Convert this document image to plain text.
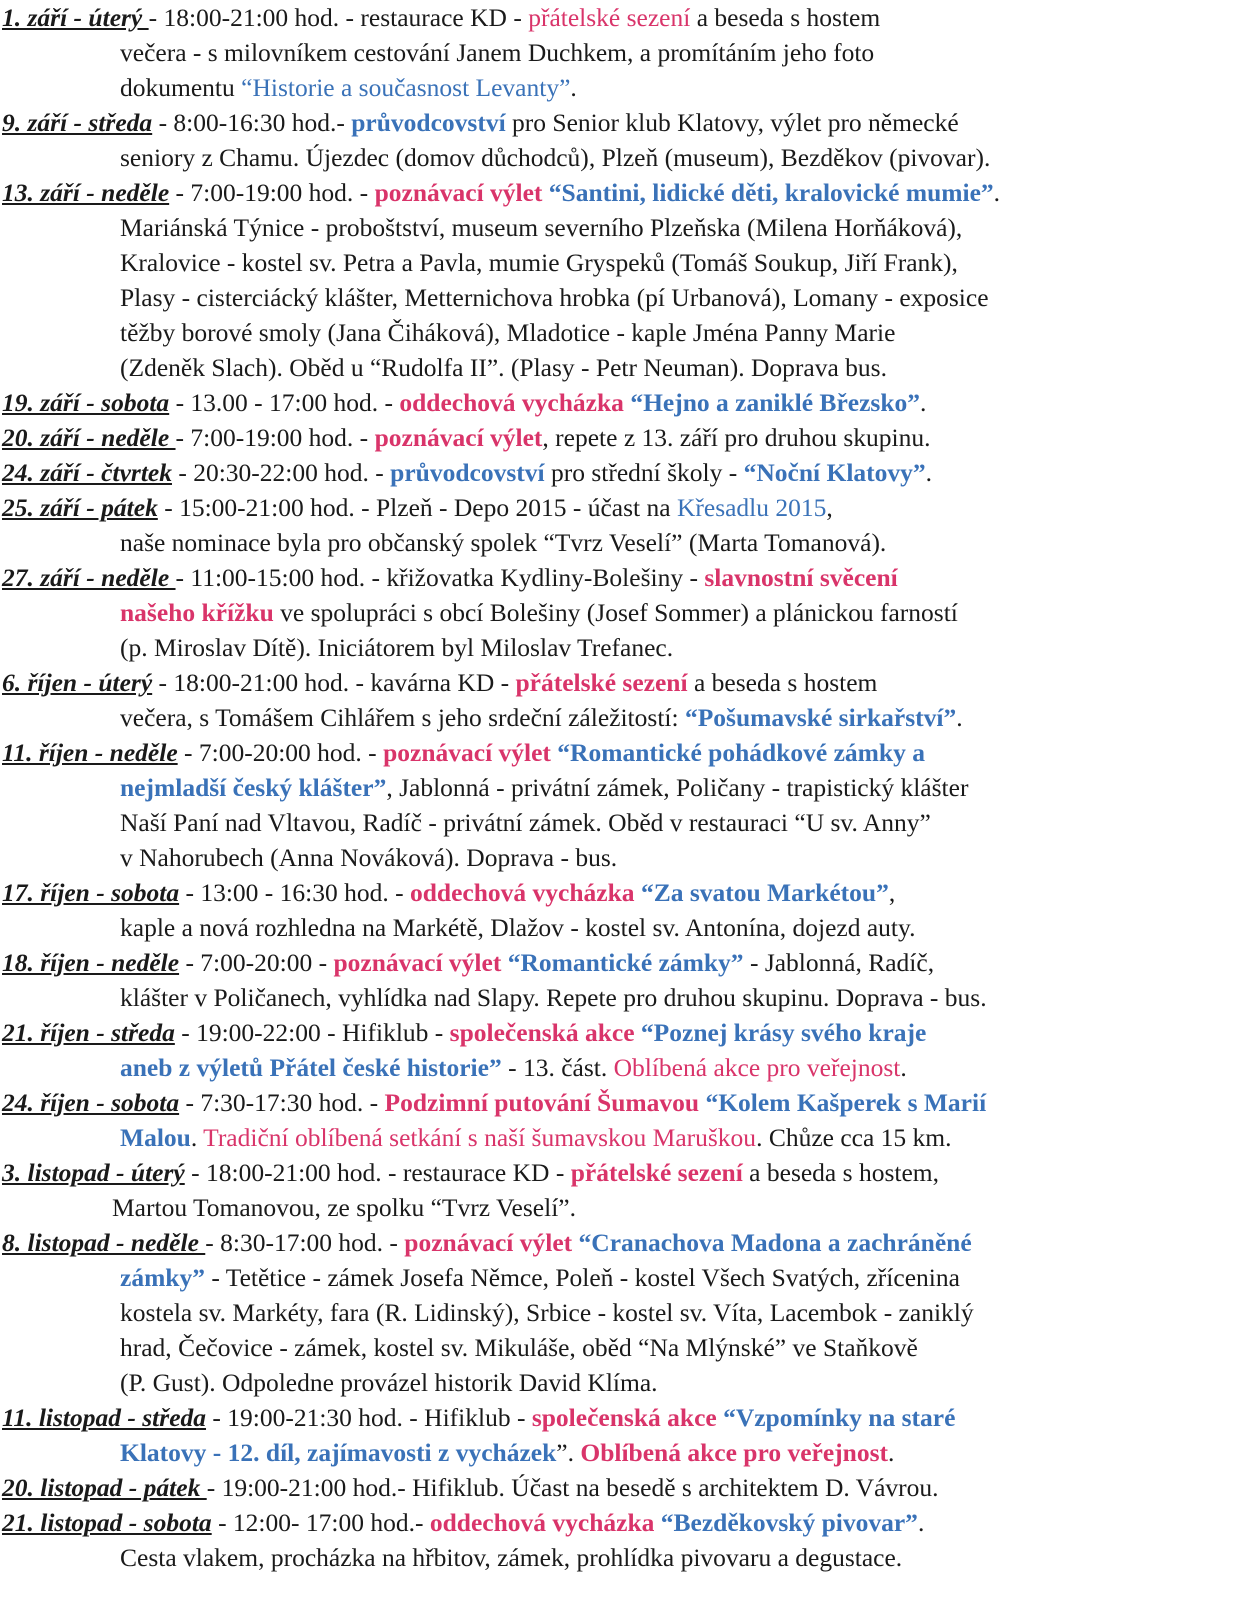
1. září - úterý - 18:00-21:00 hod. - restaurace KD - přátelské sezení a beseda s hostem
večera - s milovníkem cestování Janem Duchkem, a promítáním jeho foto
dokumentu “Historie a současnost Levanty”.
9. září - středa - 8:00-16:30 hod.- průvodcovství pro Senior klub Klatovy, výlet pro německé
seniory z Chamu. Újezdec (domov důchodců), Plzeň (museum), Bezděkov (pivovar).
13. září - neděle - 7:00-19:00 hod. - poznávací výlet “Santini, lidické děti, kralovické mumie”.
Mariánská Týnice - proboštství, museum severního Plzeňska (Milena Horňáková),
Kralovice - kostel sv. Petra a Pavla, mumie Gryspeků (Tomáš Soukup, Jiří Frank),
Plasy - cisterciácký klášter, Metternichova hrobka (pí Urbanová), Lomany - exposice
těžby borové smoly (Jana Čiháková), Mladotice - kaple Jména Panny Marie
(Zdeněk Slach). Oběd u “Rudolfa II”. (Plasy - Petr Neuman). Doprava bus.
19. září - sobota - 13.00 - 17:00 hod. - oddechová vycházka “Hejno a zaniklé Březsko”.
20. září - neděle - 7:00-19:00 hod. - poznávací výlet, repete z 13. září pro druhou skupinu.
24. září - čtvrtek - 20:30-22:00 hod. - průvodcovství pro střední školy - “Noční Klatovy”.
25. září - pátek - 15:00-21:00 hod. - Plzeň - Depo 2015 - účast na Křesadlu 2015,
naše nominace byla pro občanský spolek “Tvrz Veselí” (Marta Tomanová).
27. září - neděle - 11:00-15:00 hod. - křižovatka Kydliny-Bolešiny - slavnostní svěcení
našeho křížku ve spolupráci s obcí Bolešiny (Josef Sommer) a plánickou farností
(p. Miroslav Dítě). Iniciátorem byl Miloslav Trefanec.
6. říjen - úterý - 18:00-21:00 hod. - kavárna KD - přátelské sezení a beseda s hostem
večera, s Tomášem Cihlářem s jeho srdeční záležitostí: “Pošumavské sirkařství”.
11. říjen - neděle - 7:00-20:00 hod. - poznávací výlet “Romantické pohádkové zámky a
nejmladší český klášter”, Jablonná - privátní zámek, Poličany - trapistický klášter
Naší Paní nad Vltavou, Radíč - privátní zámek. Oběd v restauraci “U sv. Anny”
v Nahorubech (Anna Nováková). Doprava - bus.
17. říjen - sobota - 13:00 - 16:30 hod. - oddechová vycházka “Za svatou Markétou”,
kaple a nová rozhledna na Markétě, Dlažov - kostel sv. Antonína, dojezd auty.
18. říjen - neděle - 7:00-20:00 - poznávací výlet “Romantické zámky” - Jablonná, Radíč,
klášter v Poličanech, vyhlídka nad Slapy. Repete pro druhou skupinu. Doprava - bus.
21. říjen - středa - 19:00-22:00 - Hifiklub - společenská akce “Poznej krásy svého kraje
aneb z výletů Přátel české historie” - 13. část. Oblíbená akce pro veřejnost.
24. říjen - sobota - 7:30-17:30 hod. - Podzimní putování Šumavou “Kolem Kašperek s Marií
Malou. Tradiční oblíbená setkání s naší šumavskou Maruškou. Chůze cca 15 km.
3. listopad - úterý - 18:00-21:00 hod. - restaurace KD - přátelské sezení a beseda s hostem,
Martou Tomanovou, ze spolku “Tvrz Veselí”.
8. listopad - neděle - 8:30-17:00 hod. - poznávací výlet “Cranachova Madona a zachráněné
zámky” - Tetětice - zámek Josefa Němce, Poleň - kostel Všech Svatých, zřícenina
kostela sv. Markéty, fara (R. Lidinský), Srbice - kostel sv. Víta, Lacembok - zaniklý
hrad, Čečovice - zámek, kostel sv. Mikuláše, oběd “Na Mlýnské” ve Staňkově
(P. Gust). Odpoledne provázel historik David Klíma.
11. listopad - středa - 19:00-21:30 hod. - Hifiklub - společenská akce “Vzpomínky na staré
Klatovy - 12. díl, zajímavosti z vycházek”. Oblíbená akce pro veřejnost.
20. listopad - pátek - 19:00-21:00 hod.- Hifiklub. Účast na besedě s architektem D. Vávrou.
21. listopad - sobota - 12:00- 17:00 hod.- oddechová vycházka “Bezděkovský pivovar”.
Cesta vlakem, procházka na hřbitov, zámek, prohlídka pivovaru a degustace.
